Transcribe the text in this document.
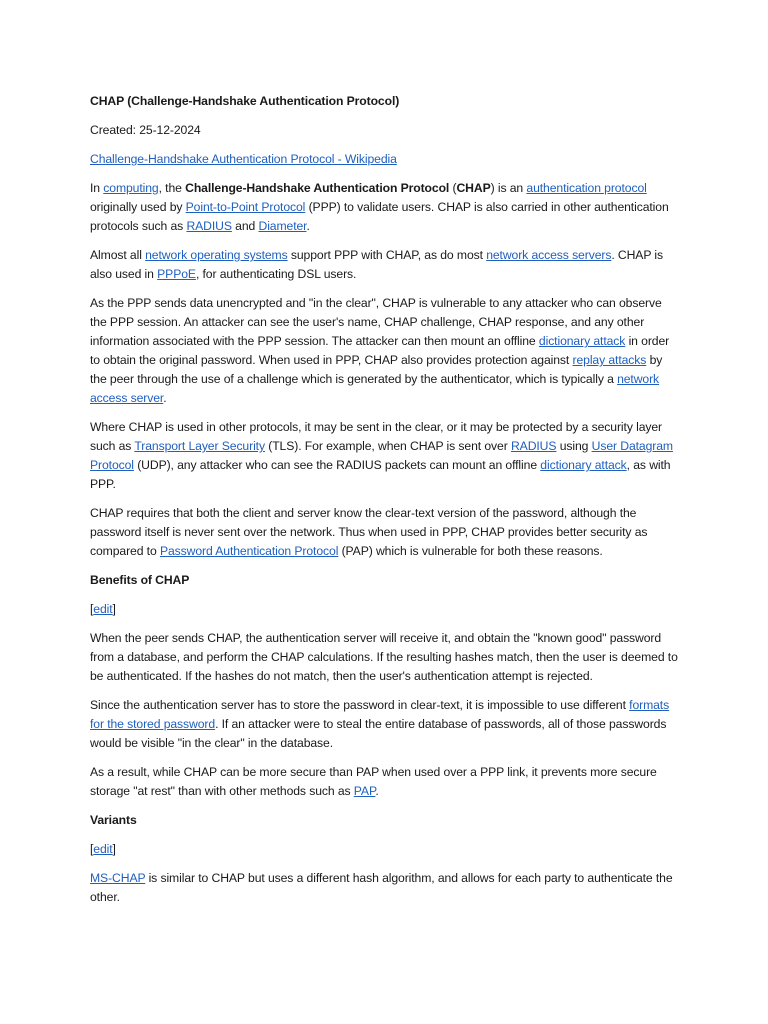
CHAP (Challenge-Handshake Authentication Protocol)

Created: 25-12-2024

Challenge-Handshake Authentication Protocol - Wikipedia

In computing, the Challenge-Handshake Authentication Protocol (CHAP) is an authentication protocol originally used by Point-to-Point Protocol (PPP) to validate users. CHAP is also carried in other authentication protocols such as RADIUS and Diameter.

Almost all network operating systems support PPP with CHAP, as do most network access servers. CHAP is also used in PPPoE, for authenticating DSL users.

As the PPP sends data unencrypted and "in the clear", CHAP is vulnerable to any attacker who can observe the PPP session. An attacker can see the user's name, CHAP challenge, CHAP response, and any other information associated with the PPP session. The attacker can then mount an offline dictionary attack in order to obtain the original password. When used in PPP, CHAP also provides protection against replay attacks by the peer through the use of a challenge which is generated by the authenticator, which is typically a network access server.

Where CHAP is used in other protocols, it may be sent in the clear, or it may be protected by a security layer such as Transport Layer Security (TLS). For example, when CHAP is sent over RADIUS using User Datagram Protocol (UDP), any attacker who can see the RADIUS packets can mount an offline dictionary attack, as with PPP.

CHAP requires that both the client and server know the clear-text version of the password, although the password itself is never sent over the network. Thus when used in PPP, CHAP provides better security as compared to Password Authentication Protocol (PAP) which is vulnerable for both these reasons.

Benefits of CHAP

[edit]

When the peer sends CHAP, the authentication server will receive it, and obtain the "known good" password from a database, and perform the CHAP calculations. If the resulting hashes match, then the user is deemed to be authenticated. If the hashes do not match, then the user's authentication attempt is rejected.

Since the authentication server has to store the password in clear-text, it is impossible to use different formats for the stored password. If an attacker were to steal the entire database of passwords, all of those passwords would be visible "in the clear" in the database.

As a result, while CHAP can be more secure than PAP when used over a PPP link, it prevents more secure storage "at rest" than with other methods such as PAP.

Variants

[edit]

MS-CHAP is similar to CHAP but uses a different hash algorithm, and allows for each party to authenticate the other.
